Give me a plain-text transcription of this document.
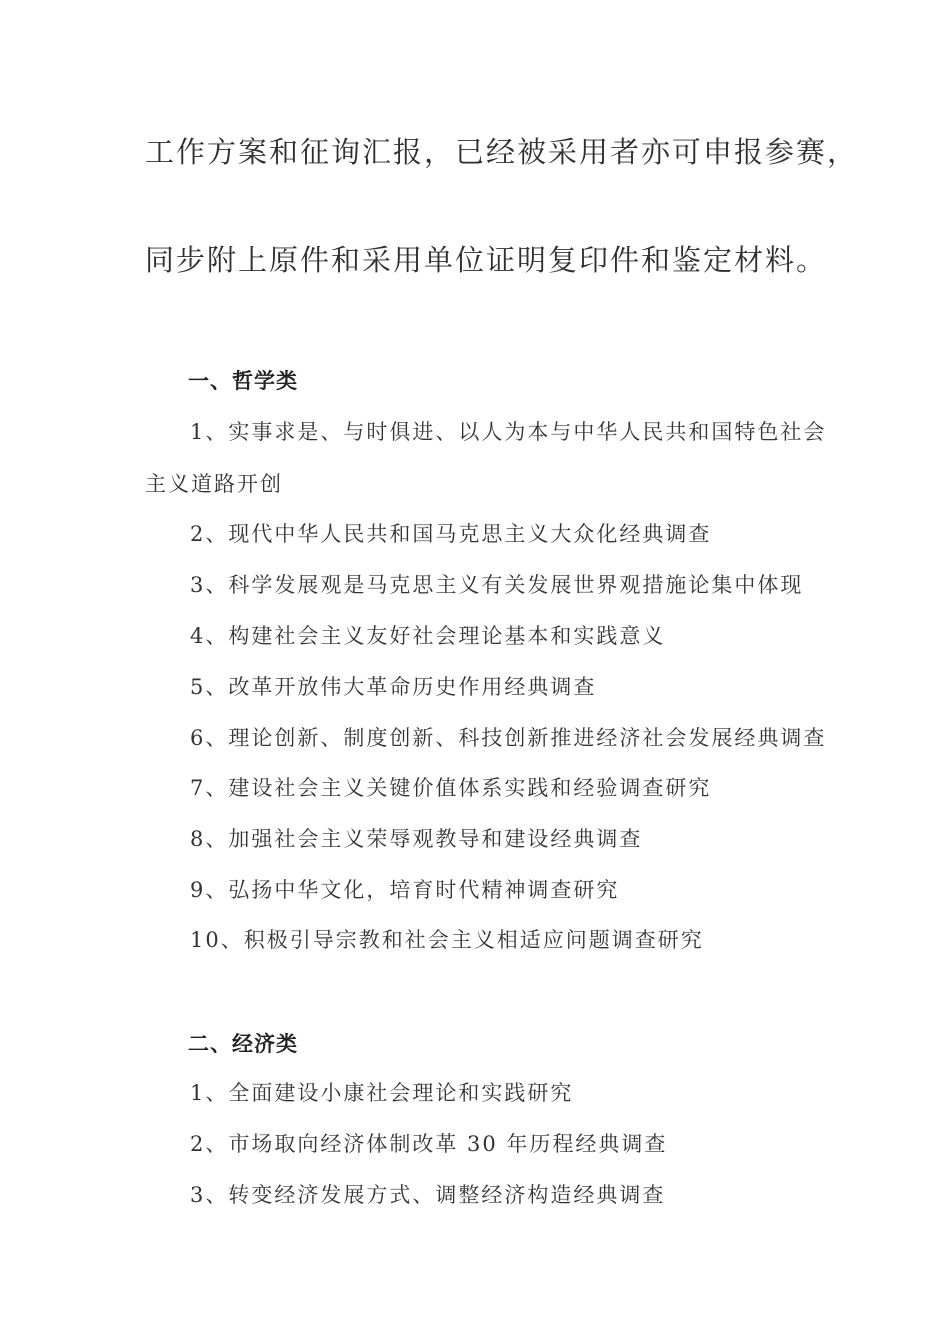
工作方案和征询汇报，已经被采用者亦可申报参赛，
同步附上原件和采用单位证明复印件和鉴定材料。
一、哲学类
1、实事求是、与时俱进、以人为本与中华人民共和国特色社会
主义道路开创
2、现代中华人民共和国马克思主义大众化经典调查
3、科学发展观是马克思主义有关发展世界观措施论集中体现
4、构建社会主义友好社会理论基本和实践意义
5、改革开放伟大革命历史作用经典调查
6、理论创新、制度创新、科技创新推进经济社会发展经典调查
7、建设社会主义关键价值体系实践和经验调查研究
8、加强社会主义荣辱观教导和建设经典调查
9、弘扬中华文化，培育时代精神调查研究
10、积极引导宗教和社会主义相适应问题调查研究
二、经济类
1、全面建设小康社会理论和实践研究
2、市场取向经济体制改革 30 年历程经典调查
3、转变经济发展方式、调整经济构造经典调查
